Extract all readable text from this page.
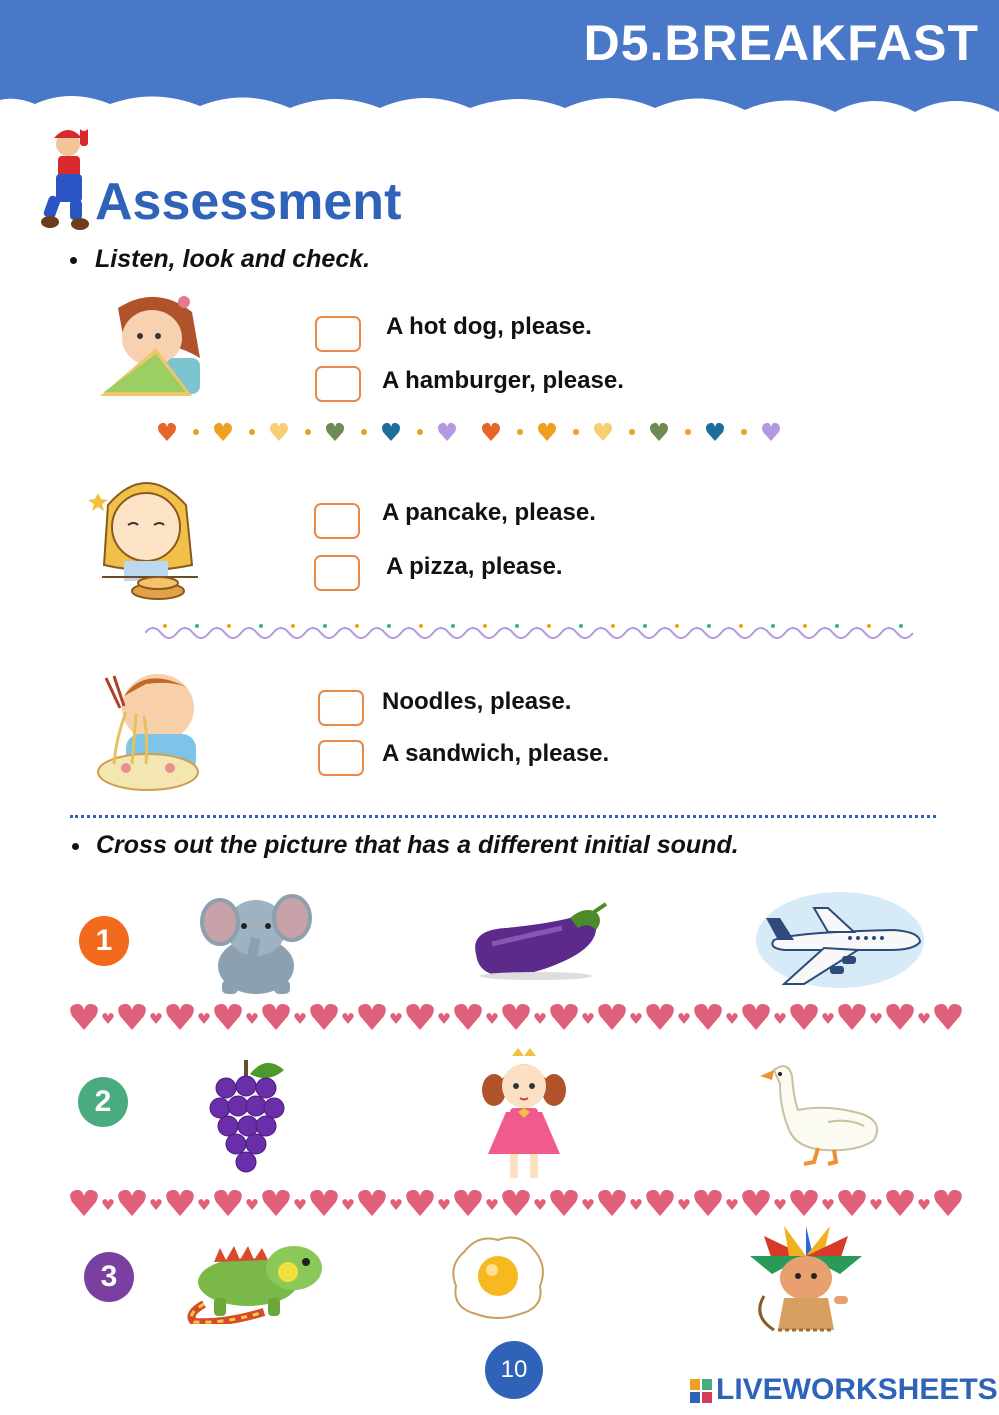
D5.BREAKFAST
Assessment
Listen, look and check.
A hot dog, please.
A hamburger, please.
A pancake, please.
A pizza, please.
Noodles, please.
A sandwich, please.
Cross out the picture that has a different initial sound.
1
2
3
10
LIVEWORKSHEETS
